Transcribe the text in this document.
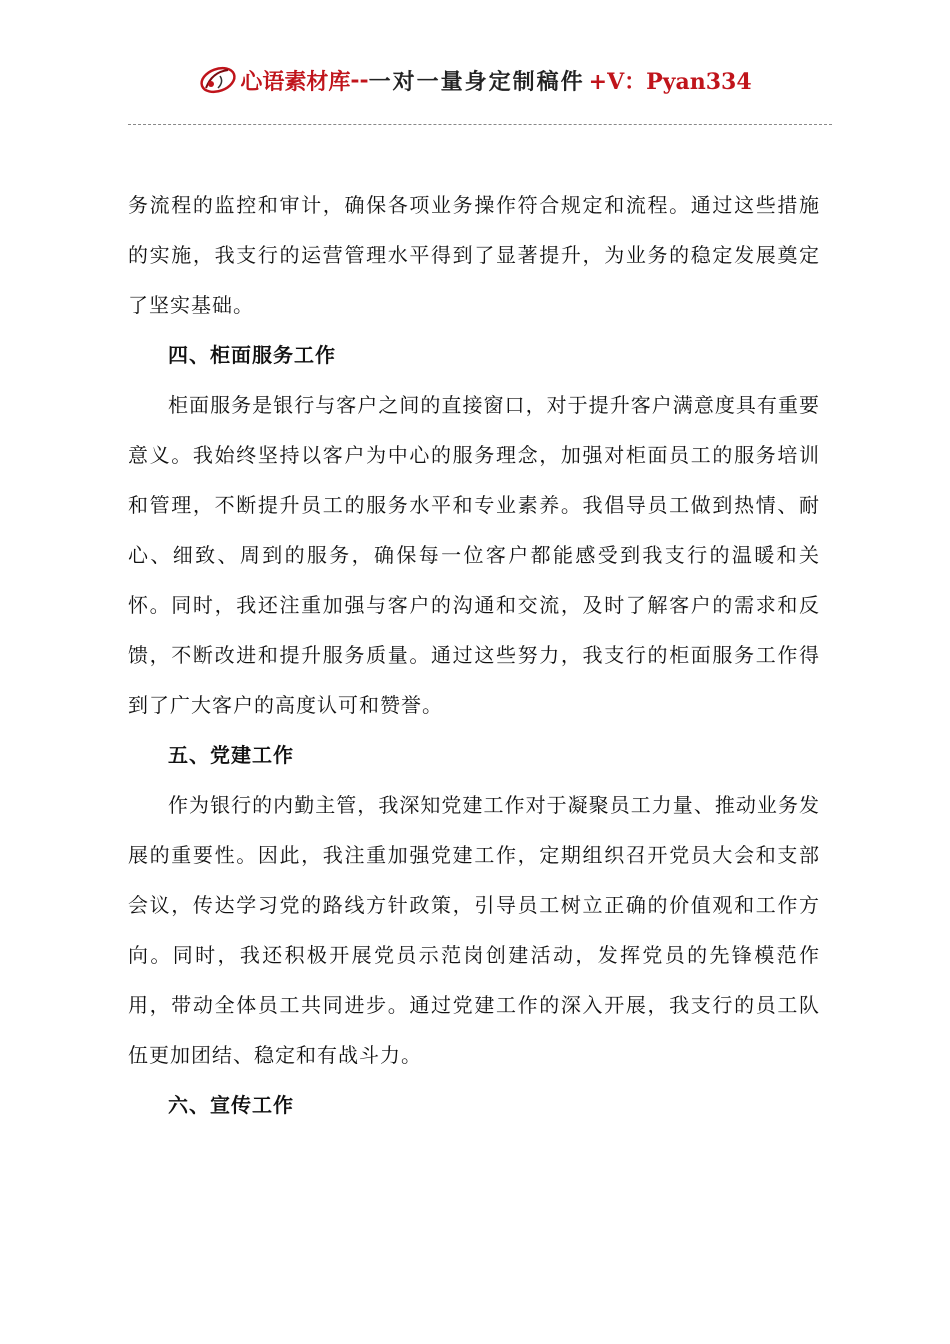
心语素材库--一对一量身定制稿件 +V：Pyan334

务流程的监控和审计，确保各项业务操作符合规定和流程。通过这些措施的实施，我支行的运营管理水平得到了显著提升，为业务的稳定发展奠定了坚实基础。

四、柜面服务工作

柜面服务是银行与客户之间的直接窗口，对于提升客户满意度具有重要意义。我始终坚持以客户为中心的服务理念，加强对柜面员工的服务培训和管理，不断提升员工的服务水平和专业素养。我倡导员工做到热情、耐心、细致、周到的服务，确保每一位客户都能感受到我支行的温暖和关怀。同时，我还注重加强与客户的沟通和交流，及时了解客户的需求和反馈，不断改进和提升服务质量。通过这些努力，我支行的柜面服务工作得到了广大客户的高度认可和赞誉。

五、党建工作

作为银行的内勤主管，我深知党建工作对于凝聚员工力量、推动业务发展的重要性。因此，我注重加强党建工作，定期组织召开党员大会和支部会议，传达学习党的路线方针政策，引导员工树立正确的价值观和工作方向。同时，我还积极开展党员示范岗创建活动，发挥党员的先锋模范作用，带动全体员工共同进步。通过党建工作的深入开展，我支行的员工队伍更加团结、稳定和有战斗力。

六、宣传工作
